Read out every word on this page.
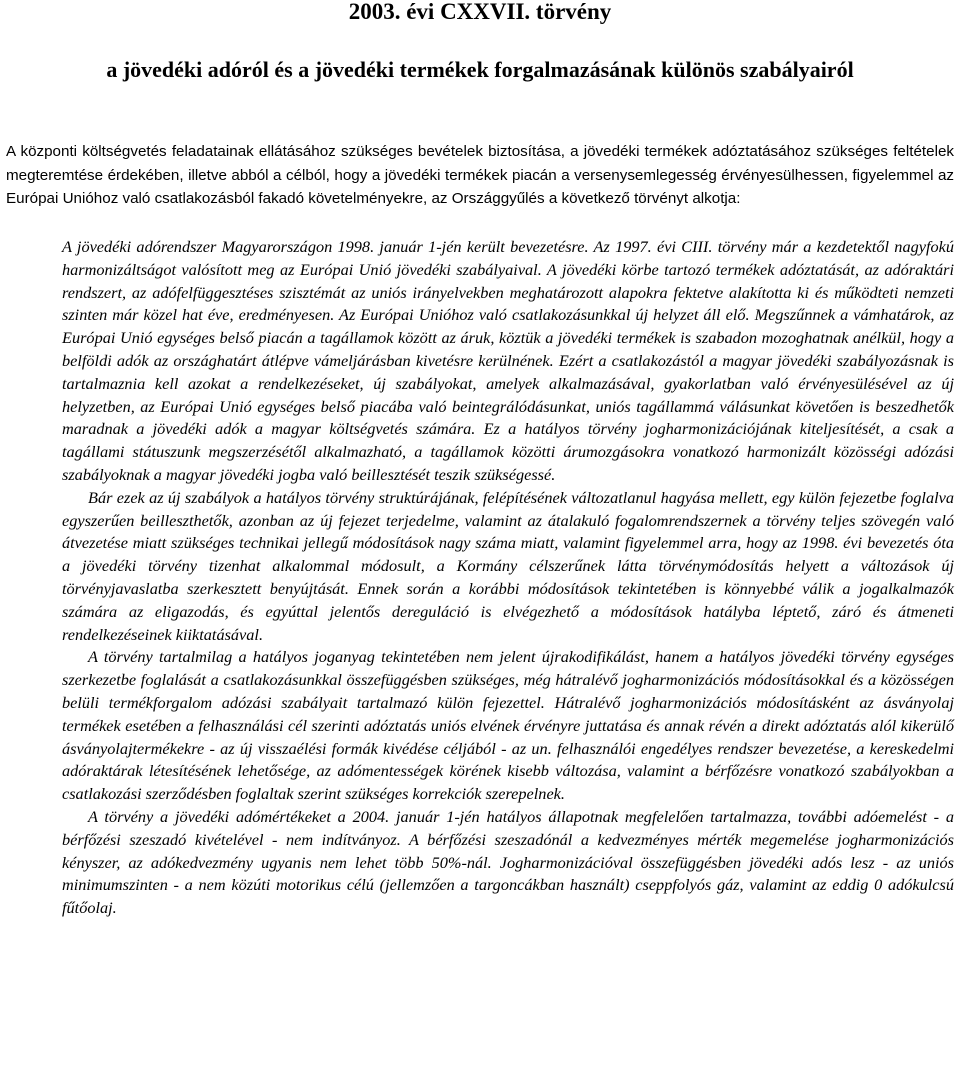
2003. évi CXXVII. törvény
a jövedéki adóról és a jövedéki termékek forgalmazásának különös szabályairól

A központi költségvetés feladatainak ellátásához szükséges bevételek biztosítása, a jövedéki termékek adóztatásához szükséges feltételek megteremtése érdekében, illetve abból a célból, hogy a jövedéki termékek piacán a versenysemlegesség érvényesülhessen, figyelemmel az Európai Unióhoz való csatlakozásból fakadó követelményekre, az Országgyűlés a következő törvényt alkotja:

A jövedéki adórendszer Magyarországon 1998. január 1-jén került bevezetésre. Az 1997. évi CIII. törvény már a kezdetektől nagyfokú harmonizáltságot valósított meg az Európai Unió jövedéki szabályaival. A jövedéki körbe tartozó termékek adóztatását, az adóraktári rendszert, az adófelfüggesztéses szisztémát az uniós irányelvekben meghatározott alapokra fektetve alakította ki és működteti nemzeti szinten már közel hat éve, eredményesen. Az Európai Unióhoz való csatlakozásunkkal új helyzet áll elő. Megszűnnek a vámhatárok, az Európai Unió egységes belső piacán a tagállamok között az áruk, köztük a jövedéki termékek is szabadon mozoghatnak anélkül, hogy a belföldi adók az országhatárt átlépve vámeljárásban kivetésre kerülnének. Ezért a csatlakozástól a magyar jövedéki szabályozásnak is tartalmaznia kell azokat a rendelkezéseket, új szabályokat, amelyek alkalmazásával, gyakorlatban való érvényesülésével az új helyzetben, az Európai Unió egységes belső piacába való beintegrálódásunkat, uniós tagállammá válásunkat követően is beszedhetők maradnak a jövedéki adók a magyar költségvetés számára. Ez a hatályos törvény jogharmonizációjának kiteljesítését, a csak a tagállami státuszunk megszerzésétől alkalmazható, a tagállamok közötti árumozgásokra vonatkozó harmonizált közösségi adózási szabályoknak a magyar jövedéki jogba való beillesztését teszik szükségessé.

Bár ezek az új szabályok a hatályos törvény struktúrájának, felépítésének változatlanul hagyása mellett, egy külön fejezetbe foglalva egyszerűen beilleszthetők, azonban az új fejezet terjedelme, valamint az átalakuló fogalomrendszernek a törvény teljes szövegén való átvezetése miatt szükséges technikai jellegű módosítások nagy száma miatt, valamint figyelemmel arra, hogy az 1998. évi bevezetés óta a jövedéki törvény tizenhat alkalommal módosult, a Kormány célszerűnek látta törvénymódosítás helyett a változások új törvényjavaslatba szerkesztett benyújtását. Ennek során a korábbi módosítások tekintetében is könnyebbé válik a jogalkalmazók számára az eligazodás, és egyúttal jelentős dereguláció is elvégezhető a módosítások hatályba léptető, záró és átmeneti rendelkezéseinek kiiktatásával.

A törvény tartalmilag a hatályos joganyag tekintetében nem jelent újrakodifikálást, hanem a hatályos jövedéki törvény egységes szerkezetbe foglalását a csatlakozásunkkal összefüggésben szükséges, még hátralévő jogharmonizációs módosításokkal és a közösségen belüli termékforgalom adózási szabályait tartalmazó külön fejezettel. Hátralévő jogharmonizációs módosításként az ásványolaj termékek esetében a felhasználási cél szerinti adóztatás uniós elvének érvényre juttatása és annak révén a direkt adóztatás alól kikerülő ásványolajtermékekre - az új visszaélési formák kivédése céljából - az un. felhasználói engedélyes rendszer bevezetése, a kereskedelmi adóraktárak létesítésének lehetősége, az adómentességek körének kisebb változása, valamint a bérfőzésre vonatkozó szabályokban a csatlakozási szerződésben foglaltak szerint szükséges korrekciók szerepelnek.

A törvény a jövedéki adómértékeket a 2004. január 1-jén hatályos állapotnak megfelelően tartalmazza, további adóemelést - a bérfőzési szeszadó kivételével - nem indítványoz. A bérfőzési szeszadónál a kedvezményes mérték megemelése jogharmonizációs kényszer, az adókedvezmény ugyanis nem lehet több 50%-nál. Jogharmonizációval összefüggésben jövedéki adós lesz - az uniós minimumszinten - a nem közúti motorikus célú (jellemzően a targoncákban használt) cseppfolyós gáz, valamint az eddig 0 adókulcsú fűtőolaj.
